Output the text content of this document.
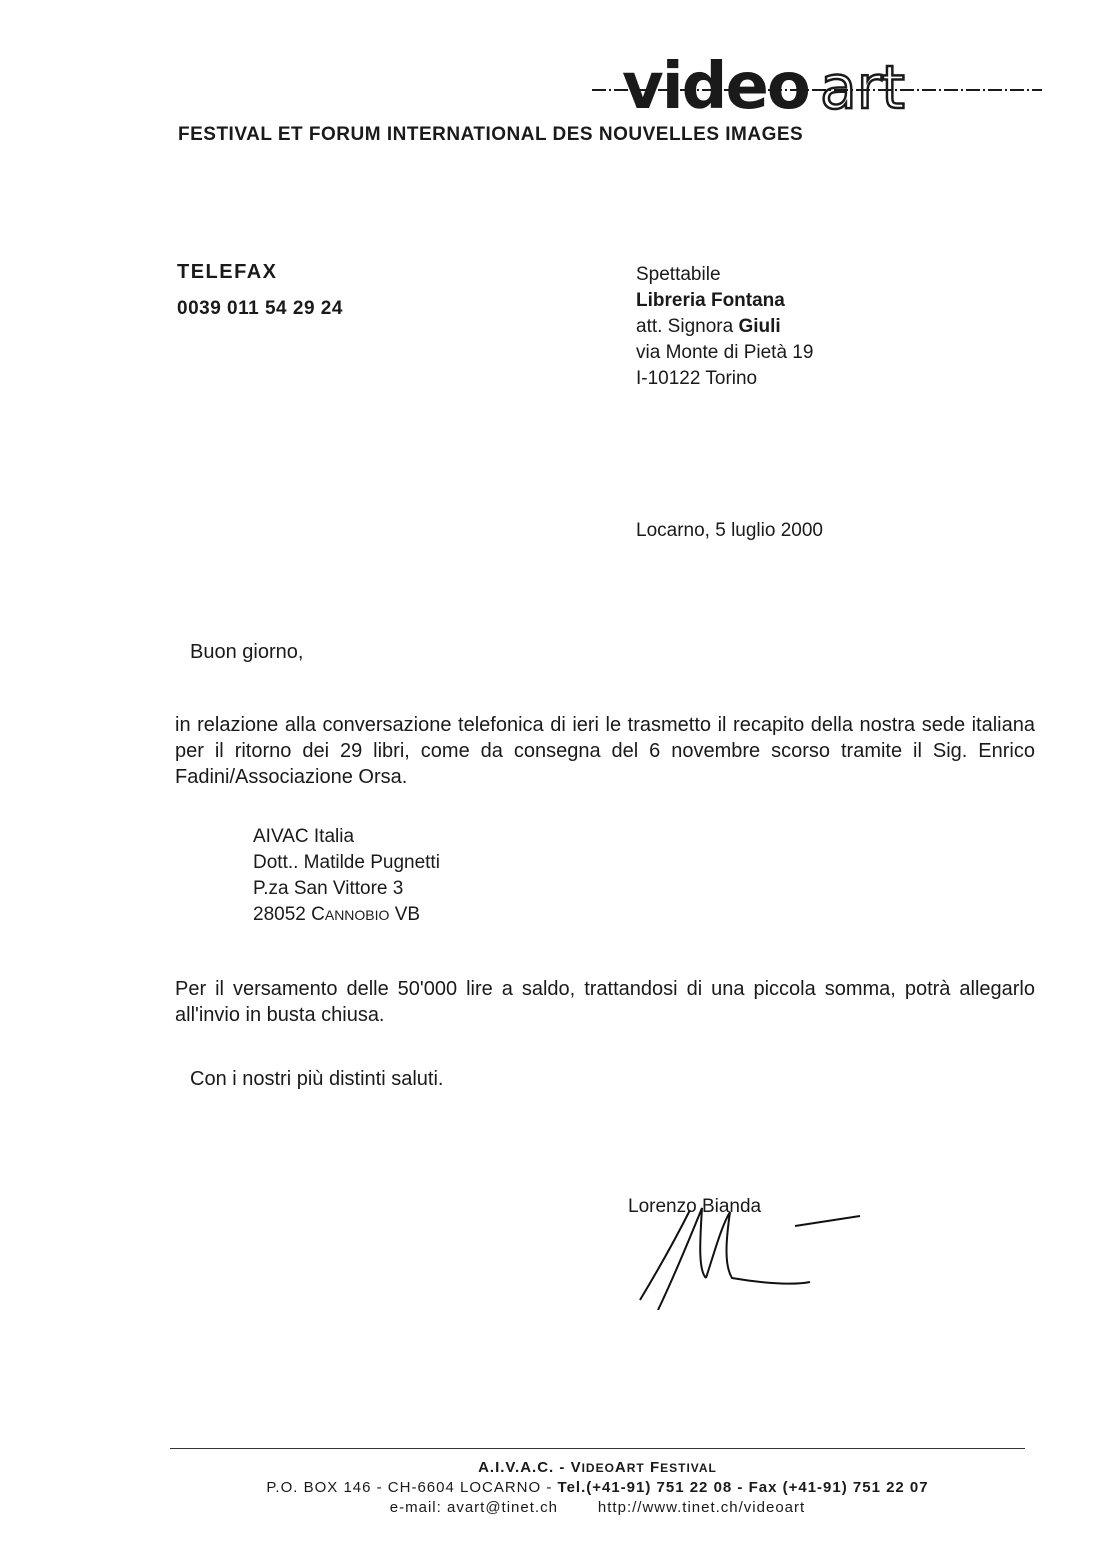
video art
FESTIVAL ET FORUM INTERNATIONAL DES NOUVELLES IMAGES
TELEFAX
0039 011 54 29 24
Spettabile
Libreria Fontana
att. Signora Giuli
via Monte di Pietà 19
I-10122 Torino
Locarno, 5 luglio 2000
Buon giorno,
in relazione alla conversazione telefonica di ieri le trasmetto il recapito della nostra sede italiana per il ritorno dei 29 libri, come da consegna del 6 novembre scorso tramite il Sig. Enrico Fadini/Associazione Orsa.
AIVAC Italia
Dott.. Matilde Pugnetti
P.za San Vittore 3
28052 CANNOBIO VB
Per il versamento delle 50'000 lire a saldo, trattandosi di una piccola somma, potrà allegarlo all'invio in busta chiusa.
Con i nostri più distinti saluti.
Lorenzo Bianda
A.I.V.A.C. - VIDEOART FESTIVAL
P.O. BOX 146 - CH-6604 LOCARNO - Tel.(+41-91) 751 22 08 - Fax (+41-91) 751 22 07
e-mail: avart@tinet.ch	http://www.tinet.ch/videoart
